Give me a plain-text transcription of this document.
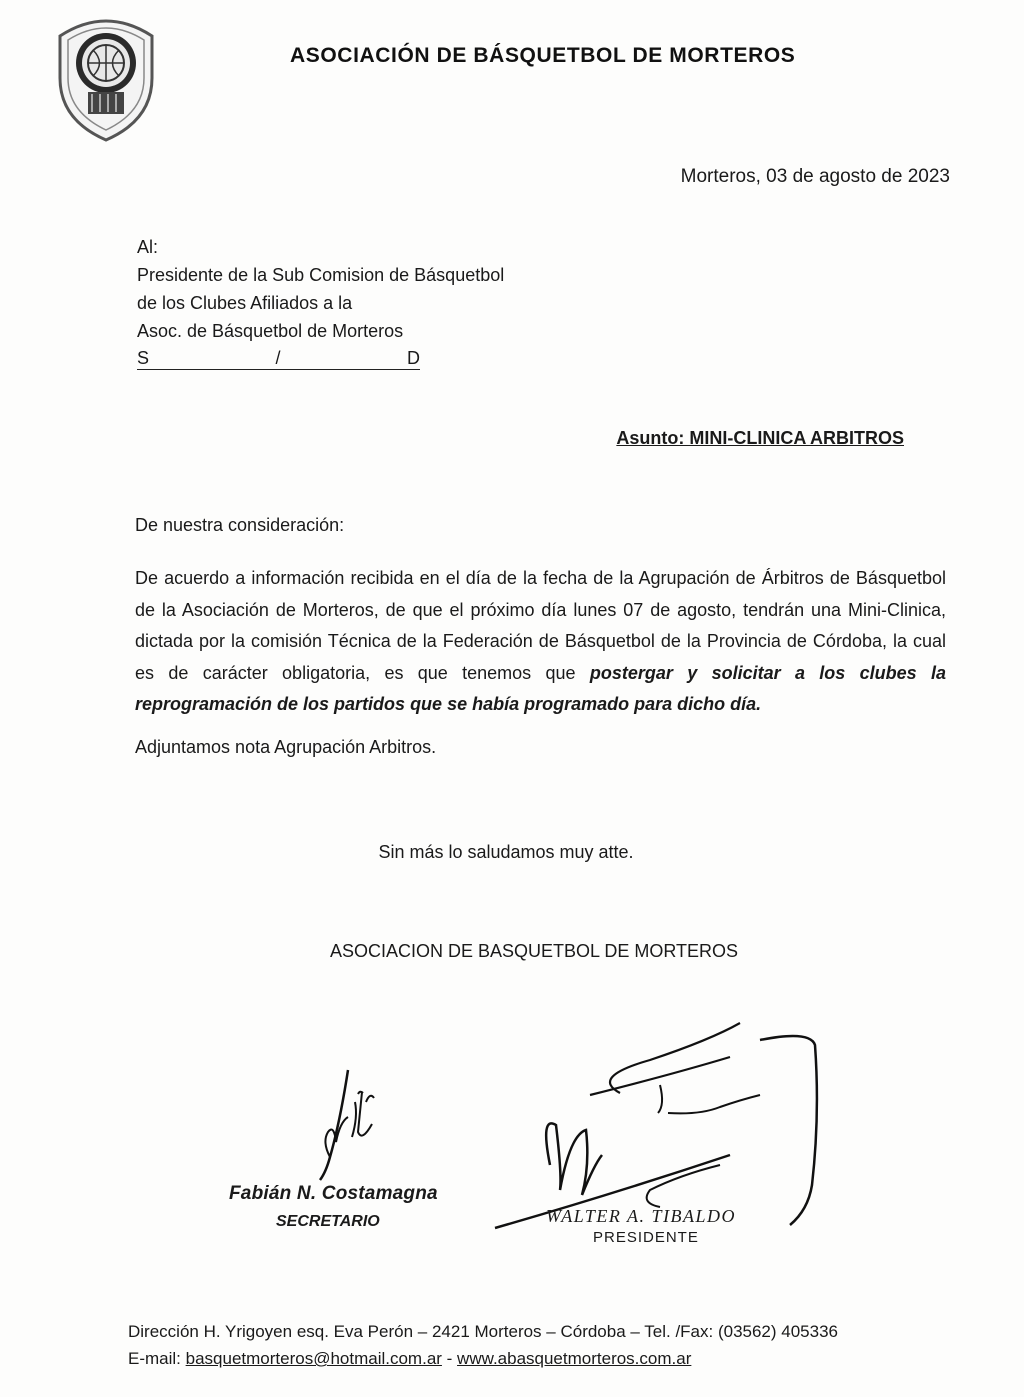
ASOCIACIÓN DE BÁSQUETBOL DE MORTEROS
Morteros, 03 de agosto de 2023
Al:
Presidente de la Sub Comision de Básquetbol
de los Clubes Afiliados a la
Asoc. de Básquetbol de Morteros
S	/	D
Asunto: MINI-CLINICA ARBITROS
De nuestra consideración:
De acuerdo a información recibida en el día de la fecha de la Agrupación de Árbitros de Básquetbol de la Asociación de Morteros, de que el próximo día lunes 07 de agosto, tendrán una Mini-Clinica, dictada por la comisión Técnica de la Federación de Básquetbol de la Provincia de Córdoba, la cual es de carácter obligatoria, es que tenemos que postergar y solicitar a los clubes la reprogramación de los partidos que se había programado para dicho día.
Adjuntamos nota Agrupación Arbitros.
Sin más lo saludamos muy atte.
ASOCIACION DE BASQUETBOL DE MORTEROS
Fabián N. Costamagna
SECRETARIO	WALTER A. TIBALDO
PRESIDENTE
Dirección H. Yrigoyen esq. Eva Perón – 2421 Morteros – Córdoba – Tel. /Fax: (03562) 405336
E-mail: basquetmorteros@hotmail.com.ar - www.abasquetmorteros.com.ar
